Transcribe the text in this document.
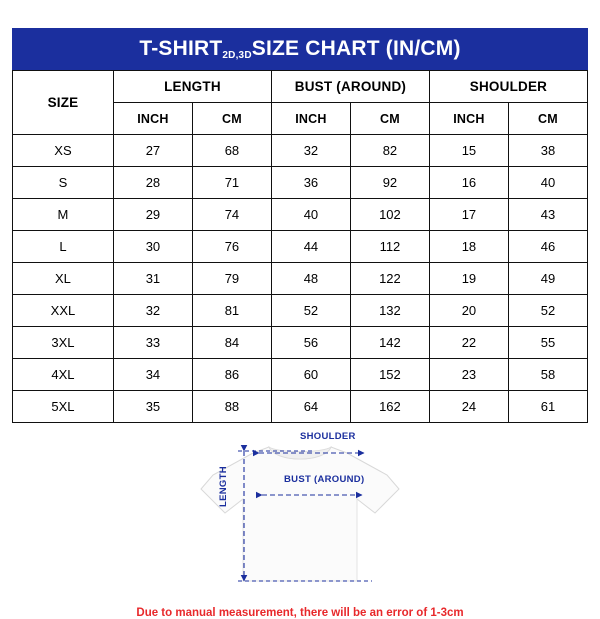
T-SHIRT2D,3DSIZE CHART (IN/CM)
SIZE	LENGTH		BUST (AROUND)		SHOULDER	
	INCH	CM	INCH	CM	INCH	CM
XS	27	68	32	82	15	38
S	28	71	36	92	16	40
M	29	74	40	102	17	43
L	30	76	44	112	18	46
XL	31	79	48	122	19	49
XXL	32	81	52	132	20	52
3XL	33	84	56	142	22	55
4XL	34	86	60	152	23	58
5XL	35	88	64	162	24	61
SHOULDER
BUST (AROUND)
LENGTH
Due to manual measurement, there will be an error of 1-3cm
